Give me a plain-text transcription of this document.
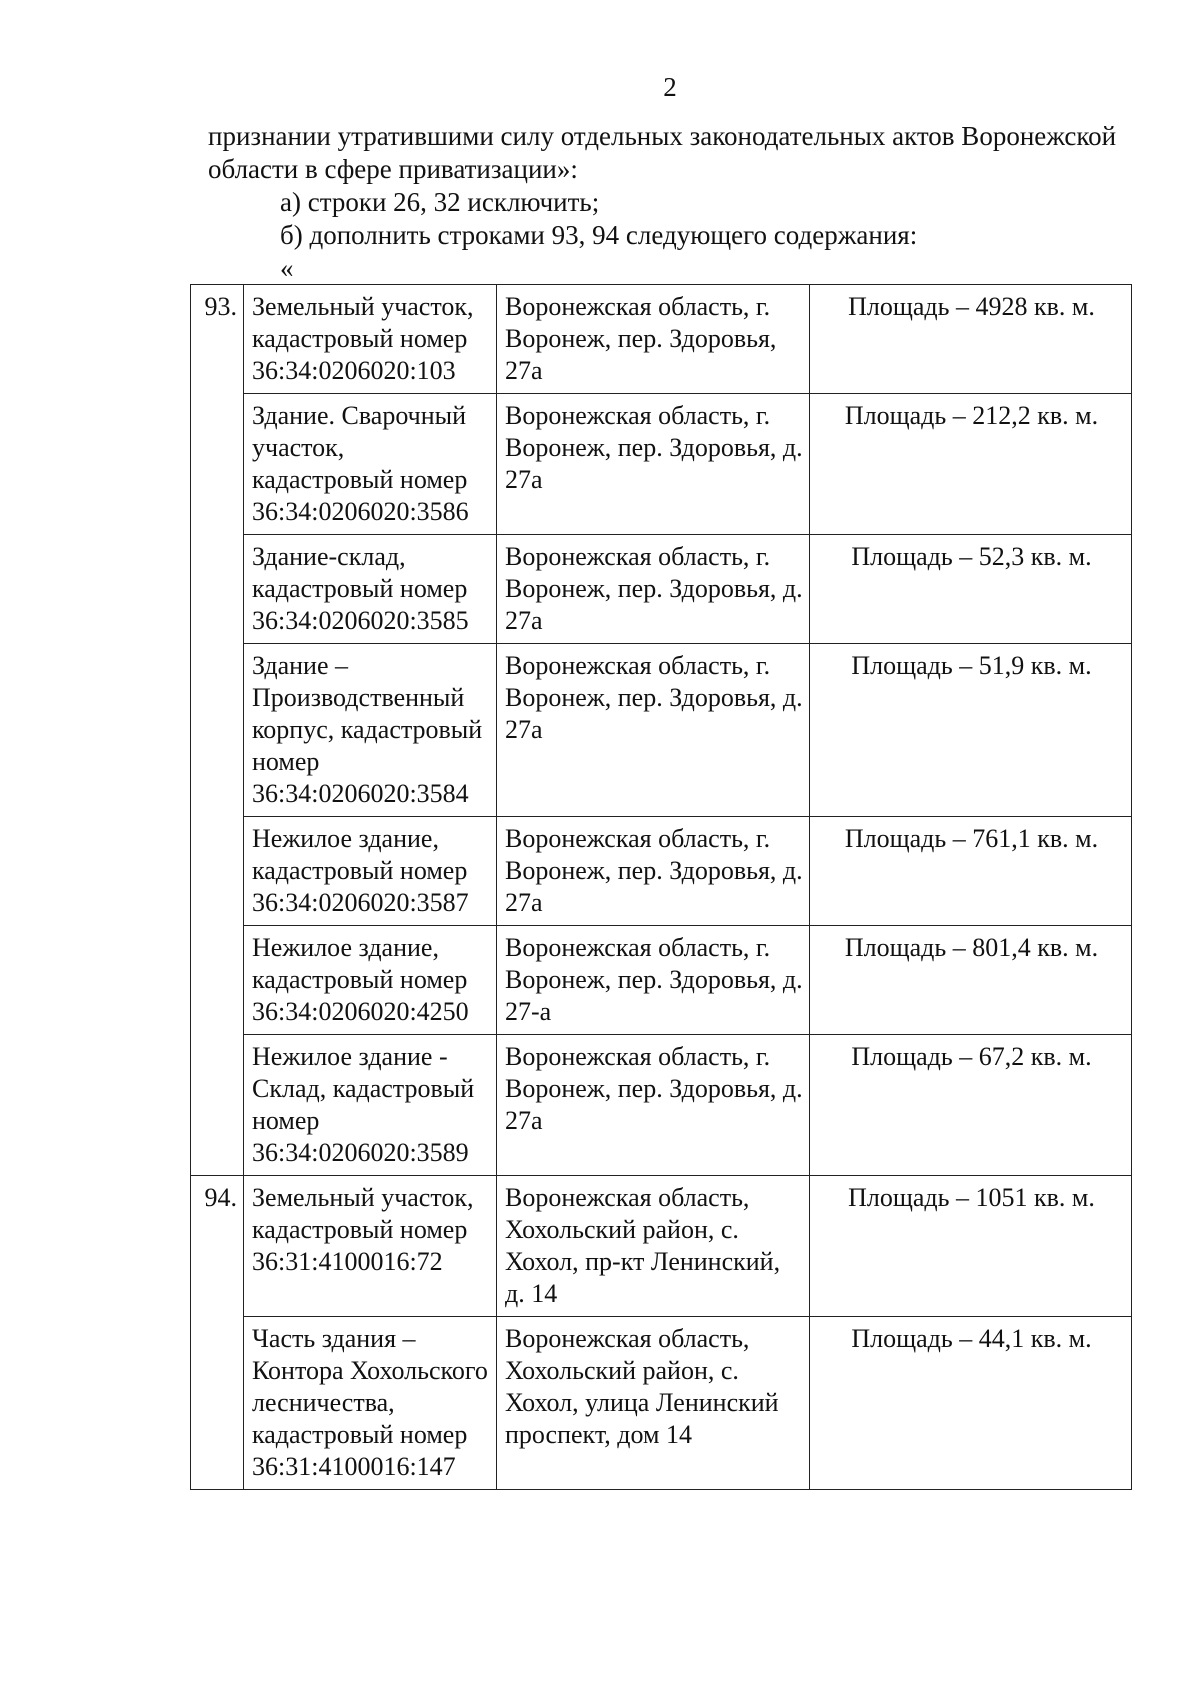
2

признании утратившими силу отдельных законодательных актов Воронежской области в сфере приватизации»:

а) строки 26, 32 исключить;

б) дополнить строками 93, 94 следующего содержания:

«

93.	Земельный участок, кадастровый номер 36:34:0206020:103	Воронежская область, г. Воронеж, пер. Здоровья, 27а	Площадь – 4928 кв. м.
	Здание. Сварочный участок, кадастровый номер 36:34:0206020:3586	Воронежская область, г. Воронеж, пер. Здоровья, д. 27а	Площадь – 212,2 кв. м.
	Здание-склад, кадастровый номер 36:34:0206020:3585	Воронежская область, г. Воронеж, пер. Здоровья, д. 27а	Площадь – 52,3 кв. м.
	Здание – Производственный корпус, кадастровый номер 36:34:0206020:3584	Воронежская область, г. Воронеж, пер. Здоровья, д. 27а	Площадь – 51,9 кв. м.
	Нежилое здание, кадастровый номер 36:34:0206020:3587	Воронежская область, г. Воронеж, пер. Здоровья, д. 27а	Площадь – 761,1 кв. м.
	Нежилое здание, кадастровый номер 36:34:0206020:4250	Воронежская область, г. Воронеж, пер. Здоровья, д. 27-а	Площадь – 801,4 кв. м.
	Нежилое здание - Склад, кадастровый номер 36:34:0206020:3589	Воронежская область, г. Воронеж, пер. Здоровья, д. 27а	Площадь – 67,2 кв. м.
94.	Земельный участок, кадастровый номер 36:31:4100016:72	Воронежская область, Хохольский район, с. Хохол, пр-кт Ленинский, д. 14	Площадь – 1051 кв. м.
	Часть здания – Контора Хохольского лесничества, кадастровый номер 36:31:4100016:147	Воронежская область, Хохольский район, с. Хохол, улица Ленинский проспект, дом 14	Площадь – 44,1 кв. м.
